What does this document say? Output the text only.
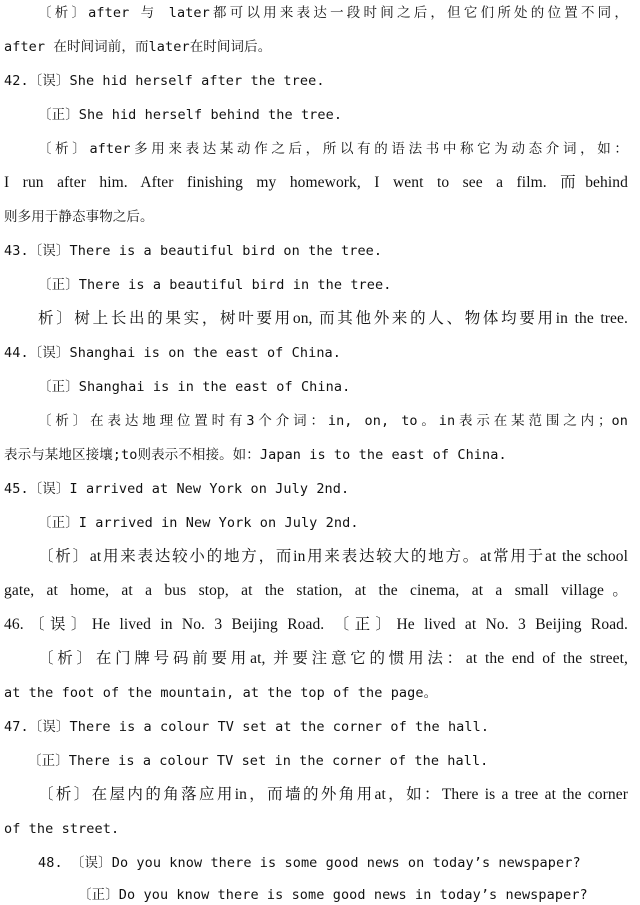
〔析〕after 与 later都可以用来表达一段时间之后，但它们所处的位置不同，
after 在时间词前，而later在时间词后。
42.〔误〕She hid herself after the tree.
〔正〕She hid herself behind the tree.
〔析〕after多用来表达某动作之后，所以有的语法书中称它为动态介词，如：
I run after him. After finishing my homework, I went to see a film. 而behind
则多用于静态事物之后。
43.〔误〕There is a beautiful bird on the tree.
〔正〕There is a beautiful bird in the tree.
析〕树上长出的果实，树叶要用on, 而其他外来的人、物体均要用in the tree.
44.〔误〕Shanghai is on the east of China.
〔正〕Shanghai is in the east of China.
〔析〕在表达地理位置时有3个介词：in, on, to。in表示在某范围之内；on
表示与某地区接壤;to则表示不相接。如：Japan is to the east of China.
45.〔误〕I arrived at New York on July 2nd.
〔正〕I arrived in New York on July 2nd.
〔析〕at用来表达较小的地方，而in用来表达较大的地方。at常用于at the school
gate, at home, at a bus stop, at the station, at the cinema, at a small village。
46.〔误〕He lived in No. 3 Beijing Road. 〔正〕He lived at No. 3 Beijing Road.
〔析〕在门牌号码前要用at, 并要注意它的惯用法：at the end of the street,
at the foot of the mountain, at the top of the page。
47.〔误〕There is a colour TV set at the corner of the hall.
〔正〕There is a colour TV set in the corner of the hall.
〔析〕在屋内的角落应用in，而墙的外角用at，如：There is a tree at the corner
of the street.
48. 〔误〕Do you know there is some good news on today’s newspaper?
〔正〕Do you know there is some good news in today’s newspaper?
